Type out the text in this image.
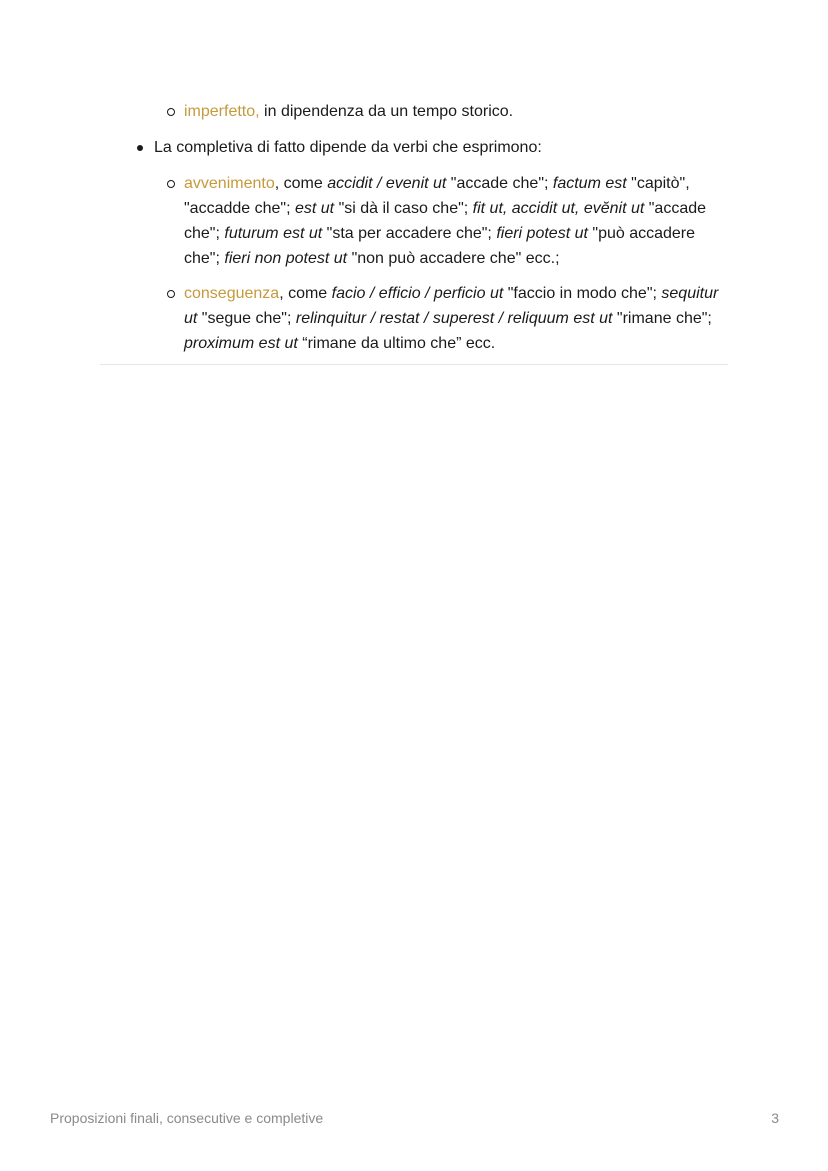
imperfetto, in dipendenza da un tempo storico.
La completiva di fatto dipende da verbi che esprimono:
avvenimento, come accidit / evenit ut "accade che"; factum est "capitò", "accadde che"; est ut "si dà il caso che"; fit ut, accidit ut, evĕnit ut "accade che"; futurum est ut "sta per accadere che"; fieri potest ut "può accadere che"; fieri non potest ut "non può accadere che" ecc.;
conseguenza, come facio / efficio / perficio ut "faccio in modo che"; sequitur ut "segue che"; relinquitur / restat / superest / reliquum est ut "rimane che"; proximum est ut “rimane da ultimo che” ecc.
Proposizioni finali, consecutive e completive	3
